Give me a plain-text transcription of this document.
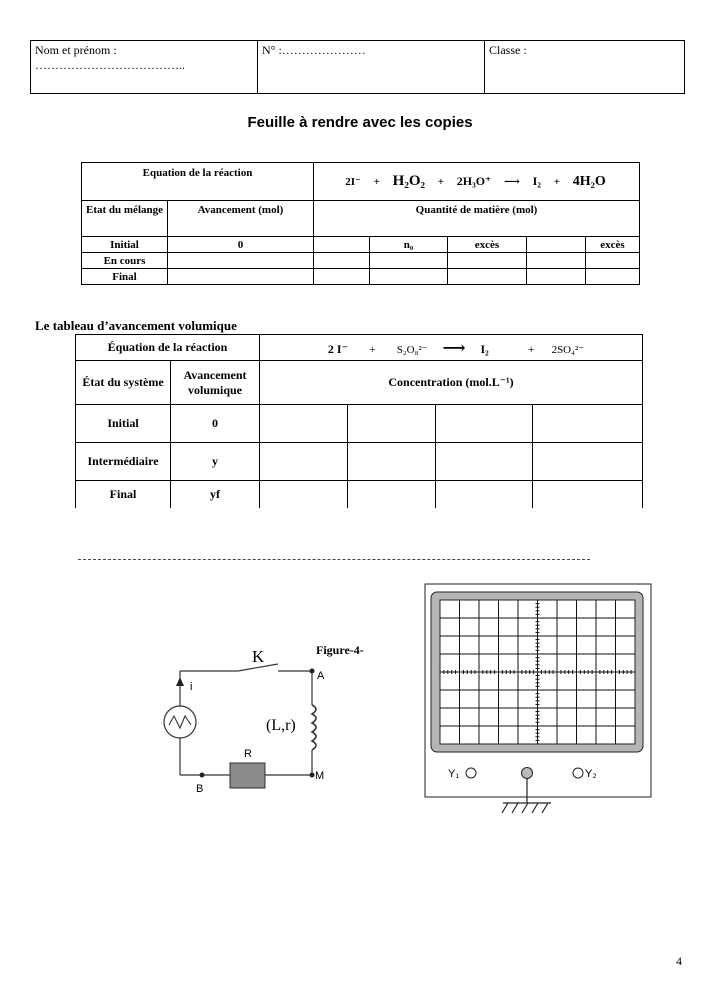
Nom et prénom :
………………………………..
	N° :…………………	Classe :
Feuille à rendre avec les copies
Equation de la réaction		2I⁻ + H₂O₂ + 2H₃O⁺ ⟶ I₂ + 4H₂O				
Etat du mélange	Avancement (mol)	Quantité de matière (mol)				
Initial	0		n₀	excès		excès
En cours						
Final						
Le tableau d’avancement volumique
Équation de la réaction		2 I⁻ + S₂O₈²⁻ ⟶ I₂ + 2SO₄²⁻			
État du système	Avancement volumique	Concentration (mol.L⁻¹)			
Initial	0				
Intermédiaire	y				
Final	yf				
K	Figure-4-
i
(L,r)
R
A
B
M	Y₁	Y₂
4
